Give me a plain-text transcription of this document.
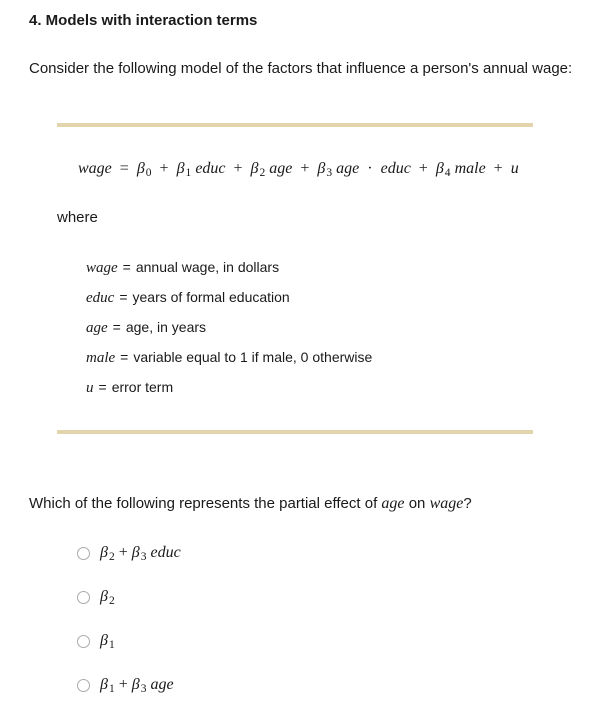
4. Models with interaction terms
Consider the following model of the factors that influence a person's annual wage:
wage = $\beta_0 + \beta_1$ educ + $\beta_2$ age + $\beta_3$ age · educ + $\beta_4$ male + u
where
wage = annual wage, in dollars
educ = years of formal education
age = age, in years
male = variable equal to 1 if male, 0 otherwise
u = error term
Which of the following represents the partial effect of age on wage?
$\beta_2 + \beta_3$ educ
$\beta_2$
$\beta_1$
$\beta_1 + \beta_3$ age
